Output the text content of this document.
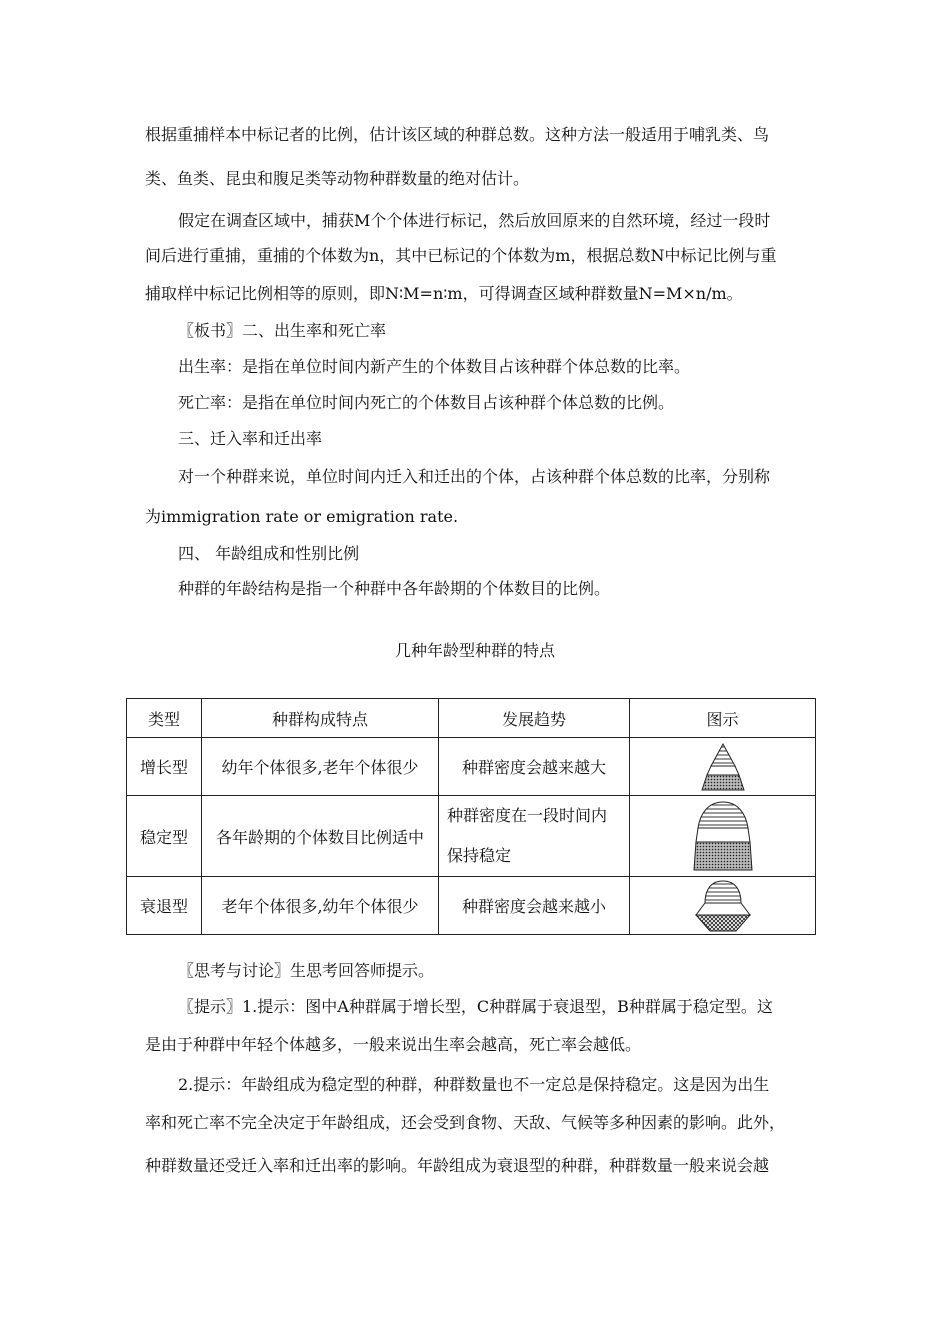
根据重捕样本中标记者的比例，估计该区域的种群总数。这种方法一般适用于哺乳类、鸟
类、鱼类、昆虫和腹足类等动物种群数量的绝对估计。
假定在调查区域中，捕获M个个体进行标记，然后放回原来的自然环境，经过一段时
间后进行重捕，重捕的个体数为n，其中已标记的个体数为m，根据总数N中标记比例与重
捕取样中标记比例相等的原则，即N∶M=n∶m，可得调查区域种群数量N=M×n/m。
〖板书〗二、出生率和死亡率
出生率：是指在单位时间内新产生的个体数目占该种群个体总数的比率。
死亡率：是指在单位时间内死亡的个体数目占该种群个体总数的比例。
三、迁入率和迁出率
对一个种群来说，单位时间内迁入和迁出的个体，占该种群个体总数的比率，分别称
为immigration rate or emigration rate.
四、 年龄组成和性别比例
种群的年龄结构是指一个种群中各年龄期的个体数目的比例。
几种年龄型种群的特点
类型	种群构成特点	发展趋势	图示
增长型	幼年个体很多,老年个体很少	种群密度会越来越大	

稳定型	各年龄期的个体数目比例适中	种群密度在一段时间内
保持稳定

衰退型	老年个体很多,幼年个体很少	种群密度会越来越小	
〖思考与讨论〗生思考回答师提示。
〖提示〗1.提示：图中A种群属于增长型，C种群属于衰退型，B种群属于稳定型。这
是由于种群中年轻个体越多，一般来说出生率会越高，死亡率会越低。
2.提示：年龄组成为稳定型的种群，种群数量也不一定总是保持稳定。这是因为出生
率和死亡率不完全决定于年龄组成，还会受到食物、天敌、气候等多种因素的影响。此外，
种群数量还受迁入率和迁出率的影响。年龄组成为衰退型的种群，种群数量一般来说会越
